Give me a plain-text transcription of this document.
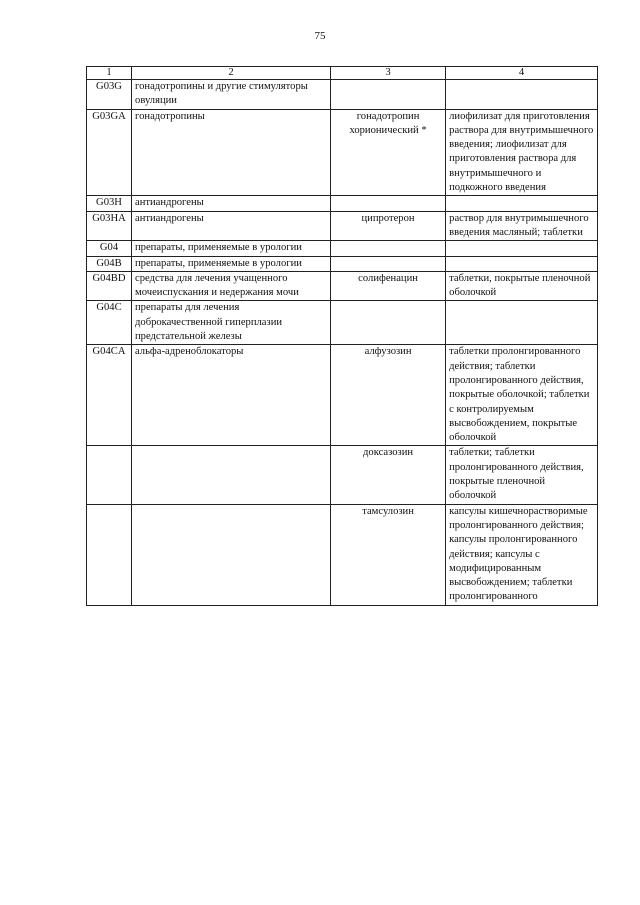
75
1	2	3	4
G03G	гонадотропины и другие стимуляторы овуляции		
G03GA	гонадотропины	гонадотропин хорионический *	лиофилизат для приготовления раствора для внутримышечного введения; лиофилизат для приготовления раствора для внутримышечного и подкожного введения
G03H	антиандрогены		
G03HA	антиандрогены	ципротерон	раствор для внутримышечного введения масляный; таблетки
G04	препараты, применяемые в урологии		
G04B	препараты, применяемые в урологии		
G04BD	средства для лечения учащенного мочеиспускания и недержания мочи	солифенацин	таблетки, покрытые пленочной оболочкой
G04C	препараты для лечения доброкачественной гиперплазии предстательной железы		
G04CA	альфа-адреноблокаторы	алфузозин	таблетки пролонгированного действия; таблетки пролонгированного действия, покрытые оболочкой; таблетки с контролируемым высвобождением, покрытые оболочкой
		доксазозин	таблетки; таблетки пролонгированного действия, покрытые пленочной оболочкой
		тамсулозин	капсулы кишечнорастворимые пролонгированного действия; капсулы пролонгированного действия; капсулы с модифицированным высвобождением; таблетки пролонгированного
